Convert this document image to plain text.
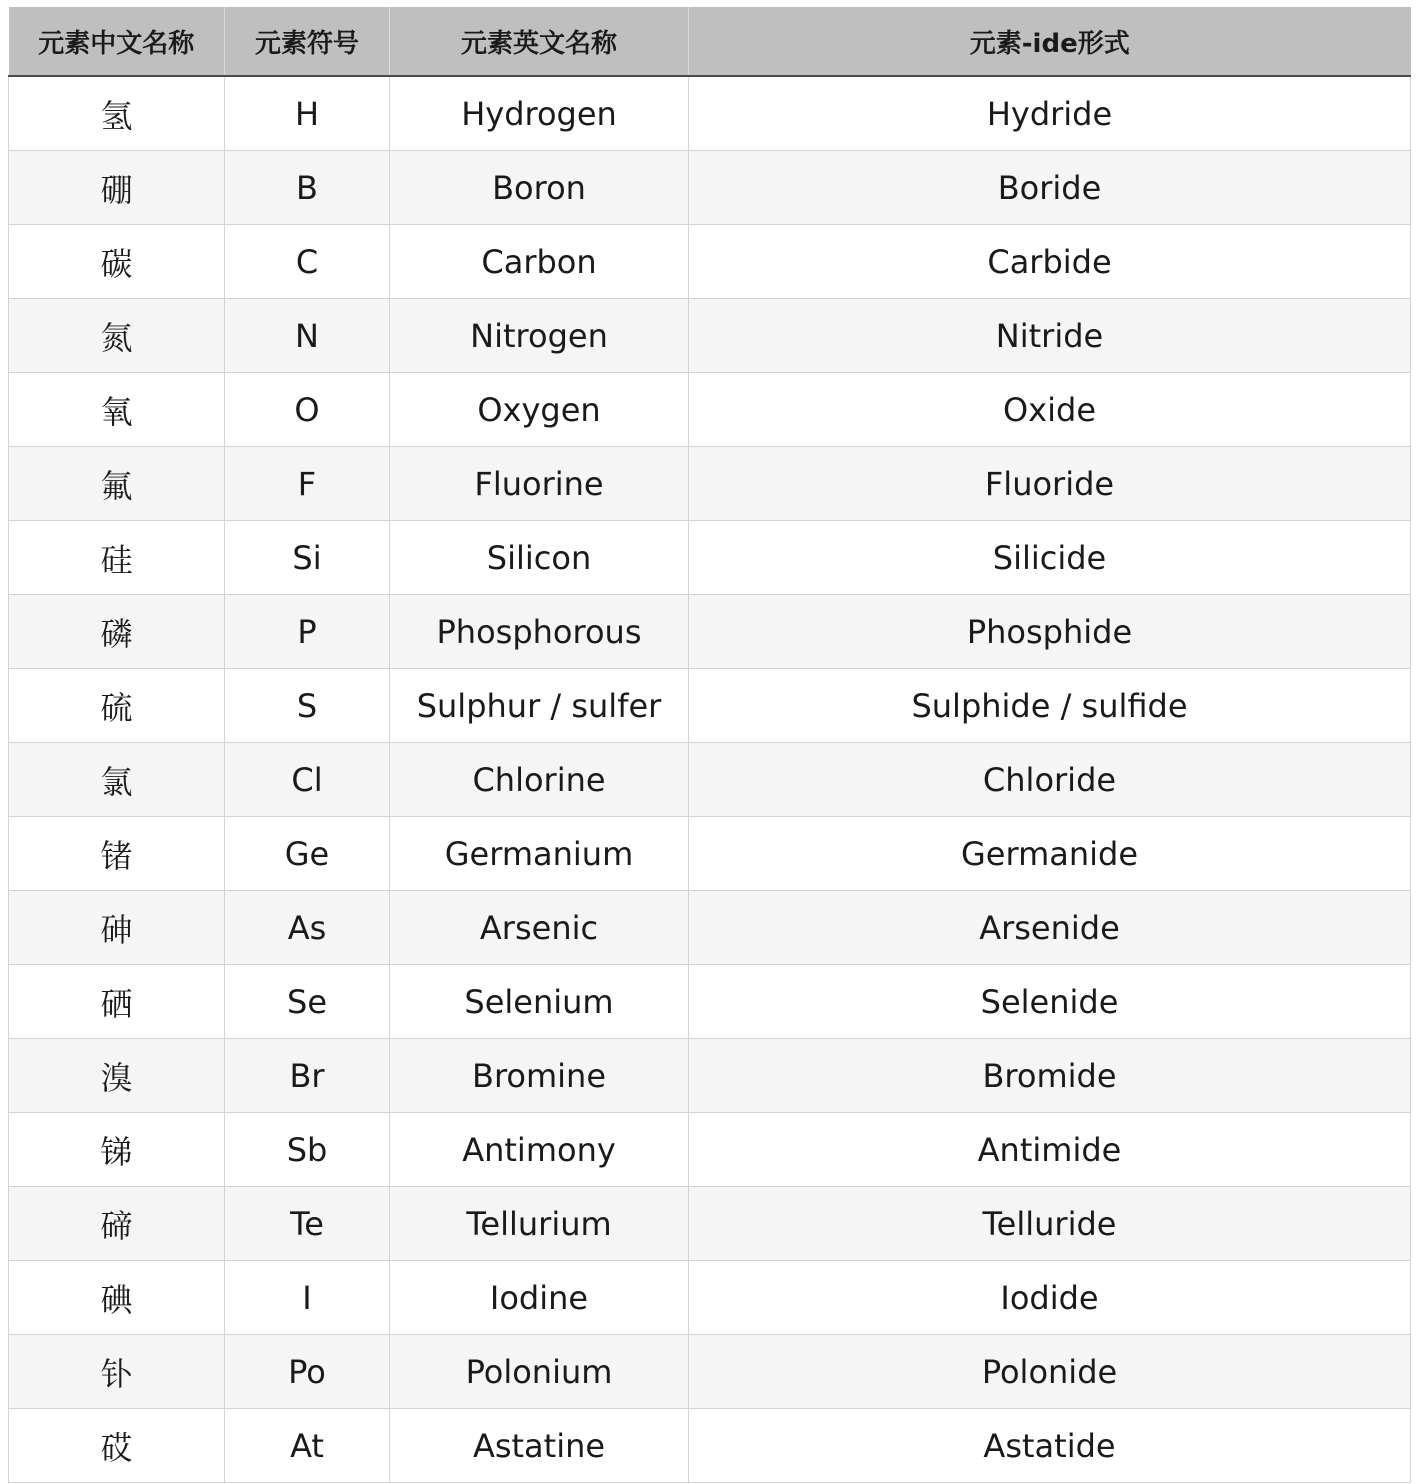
元素中文名称	元素符号	元素英文名称	元素-ide形式
氢	H	Hydrogen	Hydride
硼	B	Boron	Boride
碳	C	Carbon	Carbide
氮	N	Nitrogen	Nitride
氧	O	Oxygen	Oxide
氟	F	Fluorine	Fluoride
硅	Si	Silicon	Silicide
磷	P	Phosphorous	Phosphide
硫	S	Sulphur / sulfer	Sulphide / sulfide
氯	Cl	Chlorine	Chloride
锗	Ge	Germanium	Germanide
砷	As	Arsenic	Arsenide
硒	Se	Selenium	Selenide
溴	Br	Bromine	Bromide
锑	Sb	Antimony	Antimide
碲	Te	Tellurium	Telluride
碘	I	Iodine	Iodide
钋	Po	Polonium	Polonide
砹	At	Astatine	Astatide
